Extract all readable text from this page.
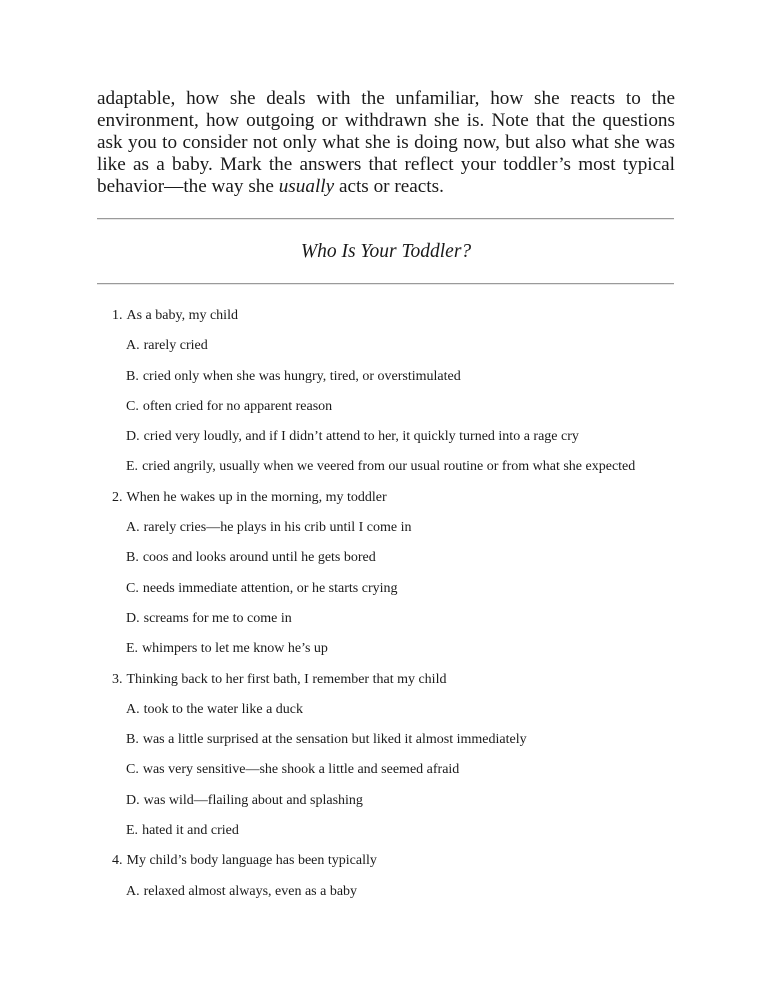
adaptable, how she deals with the unfamiliar, how she reacts to the environment, how outgoing or withdrawn she is. Note that the questions ask you to consider not only what she is doing now, but also what she was like as a baby. Mark the answers that reflect your toddler’s most typical behavior—the way she usually acts or reacts.

Who Is Your Toddler?
1. As a baby, my child
A. rarely cried
B. cried only when she was hungry, tired, or overstimulated
C. often cried for no apparent reason
D. cried very loudly, and if I didn’t attend to her, it quickly turned into a rage cry
E. cried angrily, usually when we veered from our usual routine or from what she expected
2. When he wakes up in the morning, my toddler
A. rarely cries—he plays in his crib until I come in
B. coos and looks around until he gets bored
C. needs immediate attention, or he starts crying
D. screams for me to come in
E. whimpers to let me know he’s up
3. Thinking back to her first bath, I remember that my child
A. took to the water like a duck
B. was a little surprised at the sensation but liked it almost immediately
C. was very sensitive—she shook a little and seemed afraid
D. was wild—flailing about and splashing
E. hated it and cried
4. My child’s body language has been typically
A. relaxed almost always, even as a baby
